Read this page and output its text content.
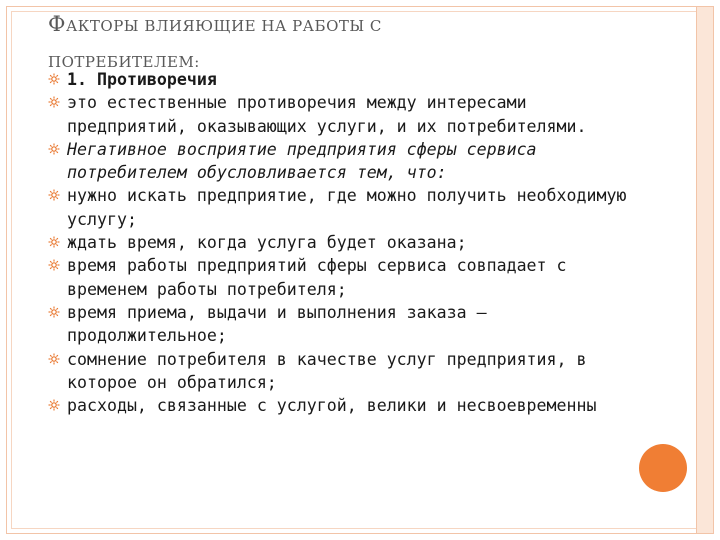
ФАКТОРЫ ВЛИЯЮЩИЕ НА РАБОТЫ С
ПОТРЕБИТЕЛЕМ:
1. Противоречия
это естественные противоречия между интересами предприятий, оказывающих услуги, и их потребителями.
Негативное восприятие предприятия сферы сервиса потребителем обусловливается тем, что:
нужно искать предприятие, где можно получить необходимую услугу;
ждать время, когда услуга будет оказана;
время работы предприятий сферы сервиса совпадает с временем работы потребителя;
время приема, выдачи и выполнения заказа – продолжительное;
сомнение потребителя в качестве услуг предприятия, в которое он обратился;
расходы, связанные с услугой, велики и несвоевременны
